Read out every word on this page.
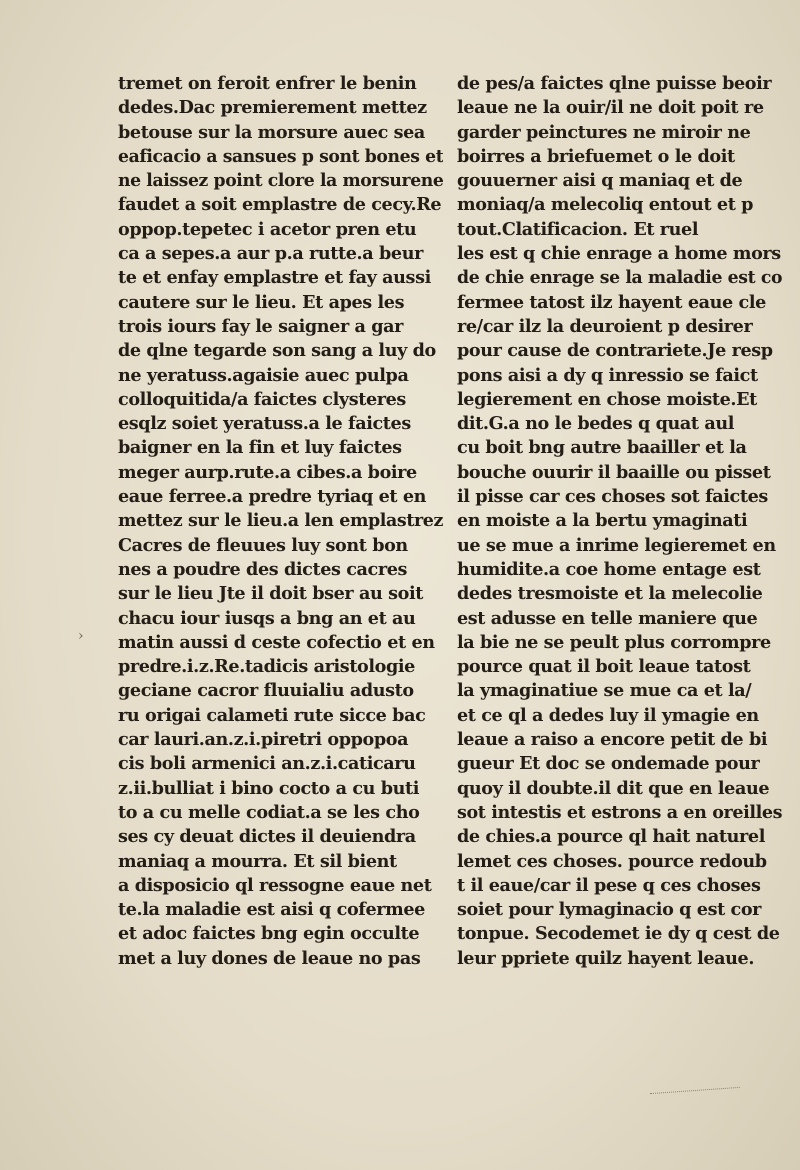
tremet on feroit enfrer le benin
dedes.Dac premierement mettez
betouse sur la morsure auec sea
eaficacio a sansues p sont bones et
ne laissez point clore la morsurene
faudet a soit emplastre de cecy.Re
oppop.tepetec i acetor pren etu
ca a sepes.a aur p.a rutte.a beur
te et enfay emplastre et fay aussi
cautere sur le lieu. Et apes les
trois iours fay le saigner a gar
de qlne tegarde son sang a luy do
ne yeratuss.agaisie auec pulpa
colloquitida/a faictes clysteres
esqlz soiet yeratuss.a le faictes
baigner en la fin et luy faictes
meger aurp.rute.a cibes.a boire
eaue ferree.a predre tyriaq et en
mettez sur le lieu.a len emplastrez
Cacres de fleuues luy sont bon
nes a poudre des dictes cacres
sur le lieu Jte il doit bser au soit
chacu iour iusqs a bng an et au
matin aussi d ceste cofectio et en
predre.i.z.Re.tadicis aristologie
geciane cacror fluuialiu adusto
ru origai calameti rute sicce bac
car lauri.an.z.i.piretri oppopoa
cis boli armenici an.z.i.caticaru
z.ii.bulliat i bino cocto a cu buti
to a cu melle codiat.a se les cho
ses cy deuat dictes il deuiendra
maniaq a mourra. Et sil bient
a disposicio ql ressogne eaue net
te.la maladie est aisi q cofermee
et adoc faictes bng egin occulte
met a luy dones de leaue no pas
de pes/a faictes qlne puisse beoir
leaue ne la ouir/il ne doit poit re
garder peinctures ne miroir ne
boirres a briefuemet o le doit
gouuerner aisi q maniaq et de
moniaq/a melecoliq entout et p
tout.Clatificacion. Et ruel
les est q chie enrage a home mors
de chie enrage se la maladie est co
fermee tatost ilz hayent eaue cle
re/car ilz la deuroient p desirer
pour cause de contrariete.Je resp
pons aisi a dy q inressio se faict
legierement en chose moiste.Et
dit.G.a no le bedes q quat aul
cu boit bng autre baailler et la
bouche ouurir il baaille ou pisset
il pisse car ces choses sot faictes
en moiste a la bertu ymaginati
ue se mue a inrime legieremet en
humidite.a coe home entage est
dedes tresmoiste et la melecolie
est adusse en telle maniere que
la bie ne se peult plus corrompre
pource quat il boit leaue tatost
la ymaginatiue se mue ca et la/
et ce ql a dedes luy il ymagie en
leaue a raiso a encore petit de bi
gueur Et doc se ondemade pour
quoy il doubte.il dit que en leaue
sot intestis et estrons a en oreilles
de chies.a pource ql hait naturel
lemet ces choses. pource redoub
t il eaue/car il pese q ces choses
soiet pour lymaginacio q est cor
tonpue. Secodemet ie dy q cest de
leur ppriete quilz hayent leaue.
›
